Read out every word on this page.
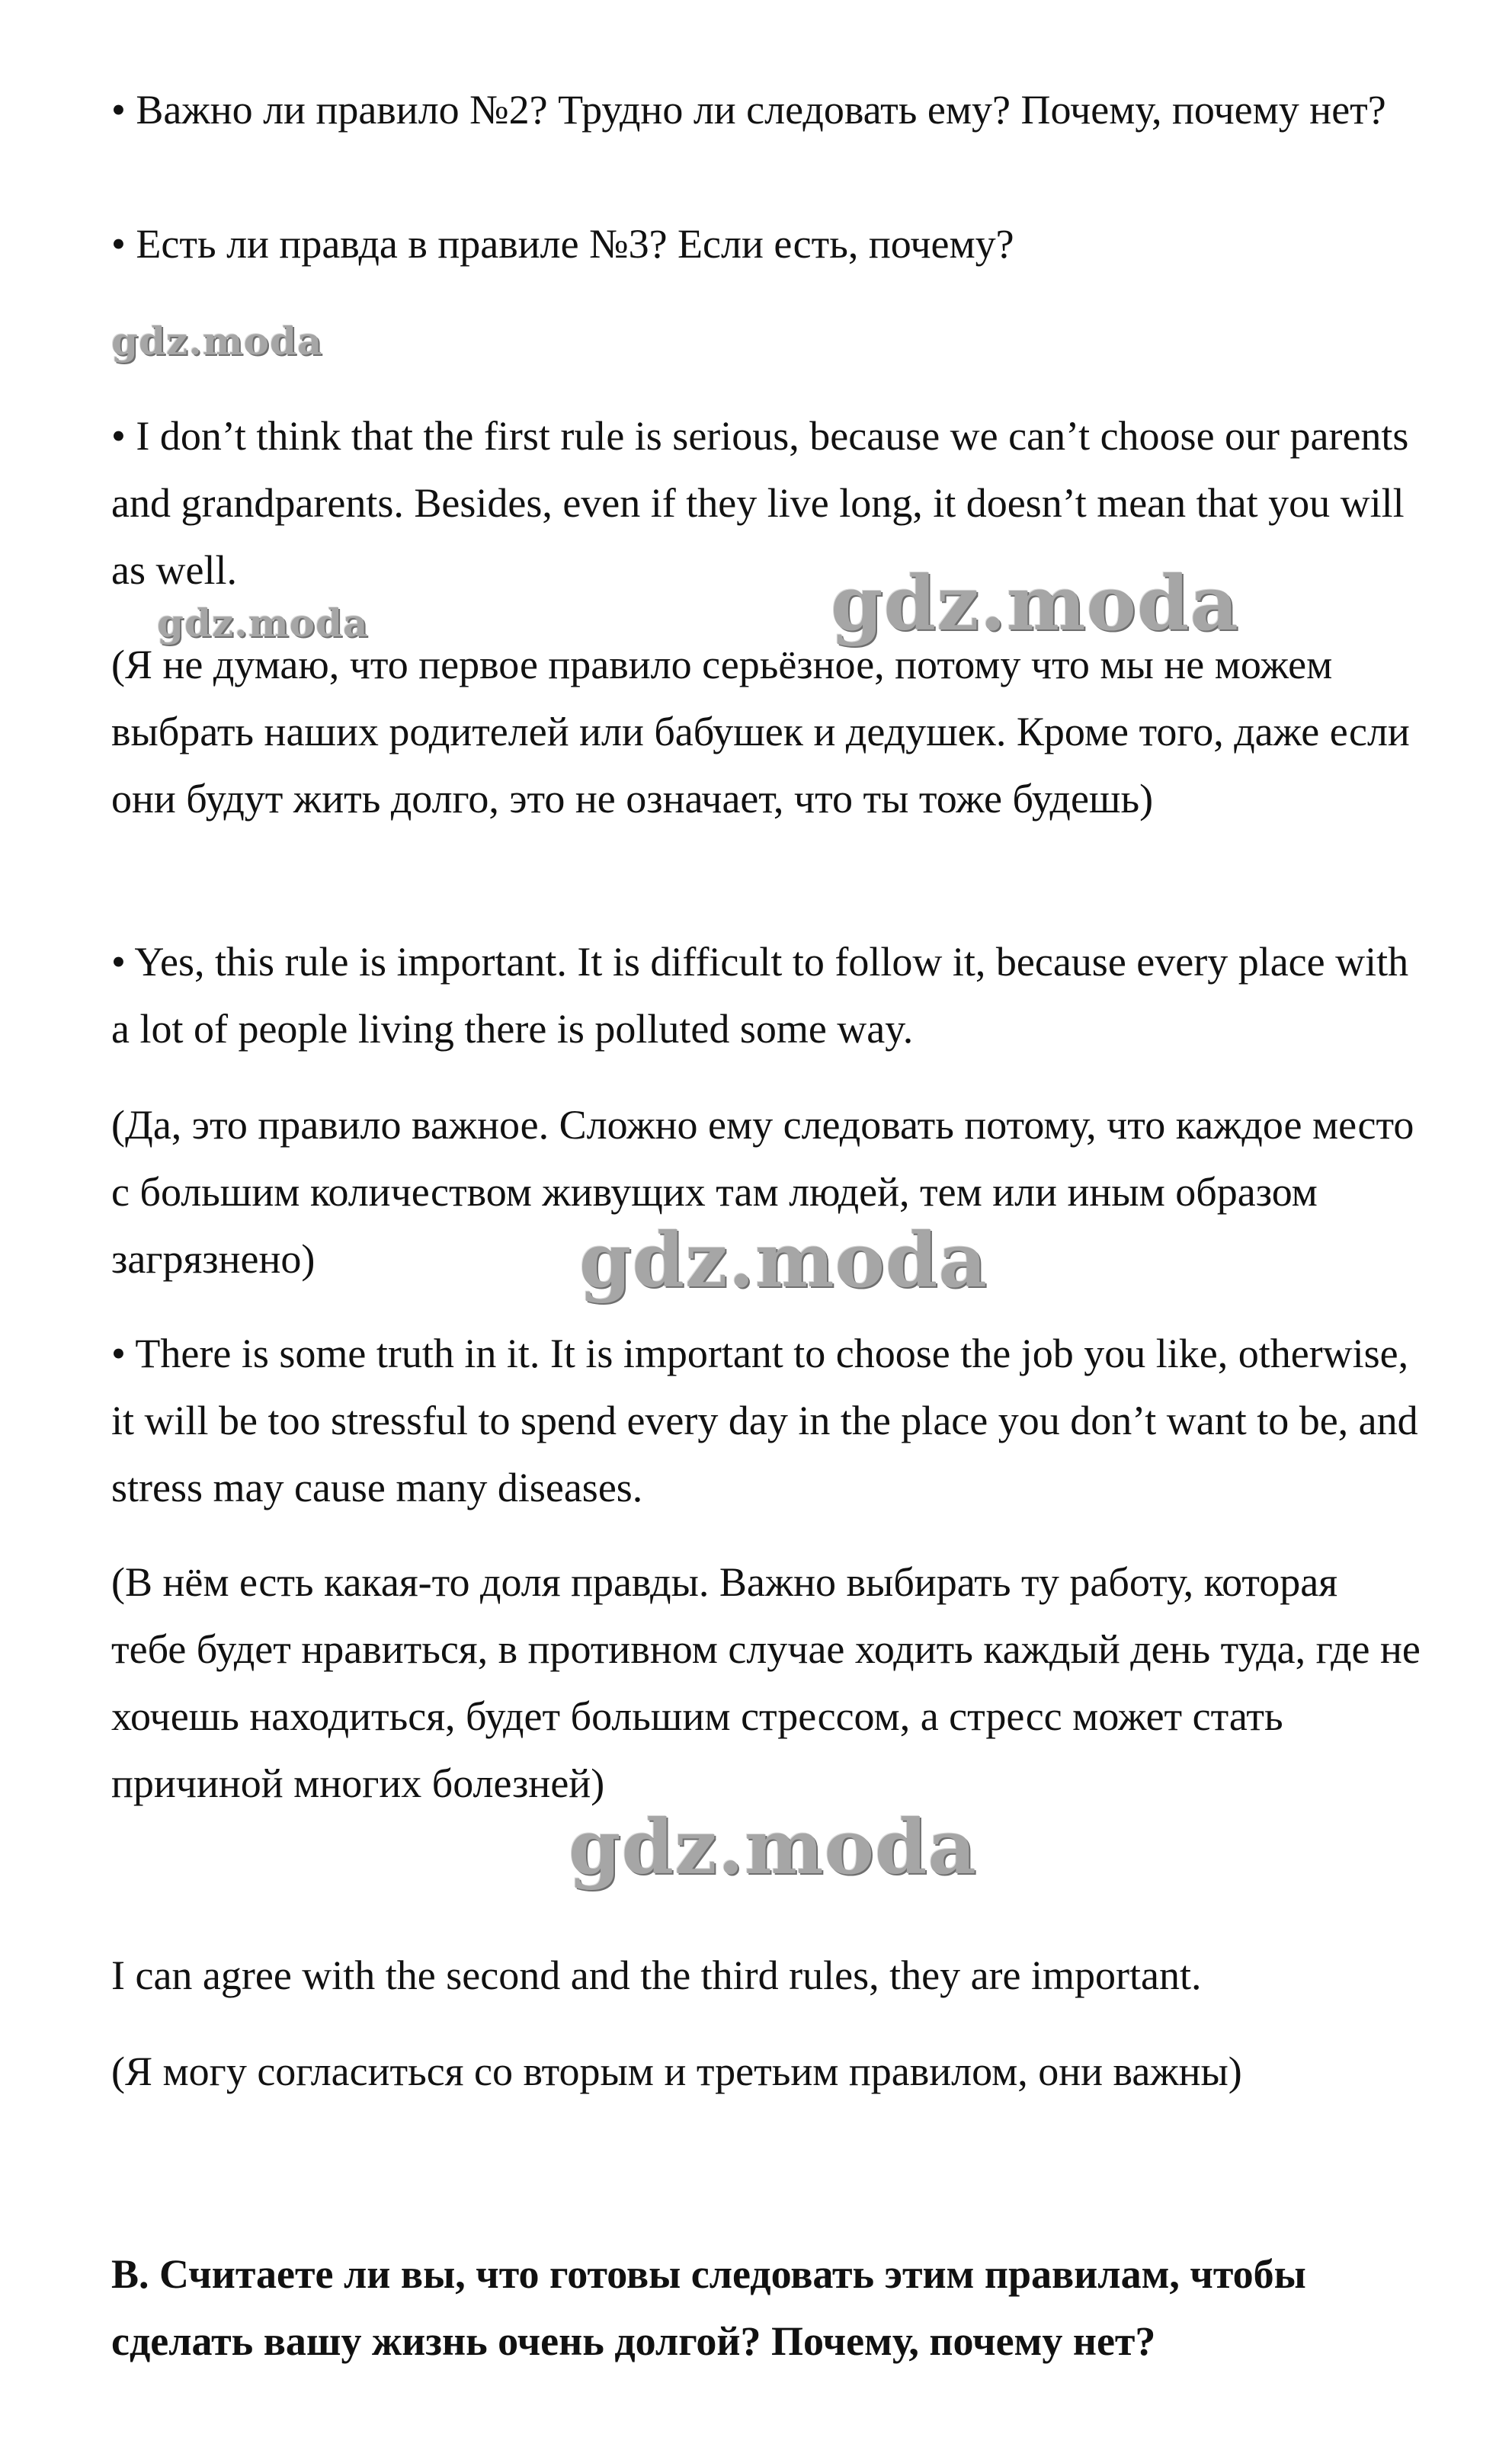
• Важно ли правило №2? Трудно ли следовать ему? Почему, почему нет?

• Есть ли правда в правиле №3? Если есть, почему?

gdz.moda

• I don’t think that the first rule is serious, because we can’t choose our parents and grandparents. Besides, even if they live long, it doesn’t mean that you will as well.	gdz.moda
gdz.moda

(Я не думаю, что первое правило серьёзное, потому что мы не можем выбрать наших родителей или бабушек и дедушек. Кроме того, даже если они будут жить долго, это не означает, что ты тоже будешь)

• Yes, this rule is important. It is difficult to follow it, because every place with a lot of people living there is polluted some way.

(Да, это правило важное. Сложно ему следовать потому, что каждое место с большим количеством живущих там людей, тем или иным образом загрязнено)	gdz.moda

• There is some truth in it. It is important to choose the job you like, otherwise, it will be too stressful to spend every day in the place you don’t want to be, and stress may cause many diseases.

(В нём есть какая-то доля правды. Важно выбирать ту работу, которая тебе будет нравиться, в противном случае ходить каждый день туда, где не хочешь находиться, будет большим стрессом, а стресс может стать причиной многих болезней)

gdz.moda

I can agree with the second and the third rules, they are important.

(Я могу согласиться со вторым и третьим правилом, они важны)

B. Считаете ли вы, что готовы следовать этим правилам, чтобы сделать вашу жизнь очень долгой? Почему, почему нет?
